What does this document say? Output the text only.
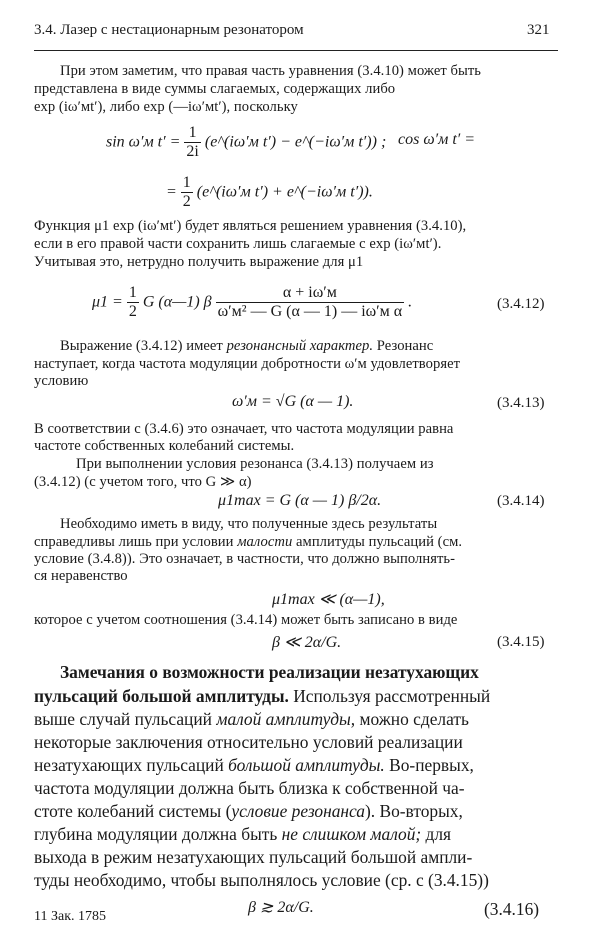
3.4. Лазер с нестационарным резонатором	321
При этом заметим, что правая часть уравнения (3.4.10) может быть
представлена в виде суммы слагаемых, содержащих либо
exp (iω′мt′), либо exp (—iω′мt′), поскольку
sin ω′м $t' = \frac{1}{2i}$ (e^(iω′м t′) − e^(−iω′м t′)) ; cos ω′м t′ =
= $\frac{1}{2}$ (e^(iω′м t′) + e^(−iω′м t′)).
Функция μ1 exp (iω′мt′) будет являться решением уравнения (3.4.10),
если в его правой части сохранить лишь слагаемые с exp (iω′мt′).
Учитывая это, нетрудно получить выражение для μ1
$\mu 1 = \frac{1}{2}$ G (α—1) β $\frac{\alpha + i\omega'м}{\text{ω′м² — G (α — 1) — iω′м α}}$ .	(3.4.12)
Выражение (3.4.12) имеет резонансный характер. Резонанс
наступает, когда частота модуляции добротности ω′м удовлетворяет
условию
ω′м = √G (α — 1).	(3.4.13)
В соответствии с (3.4.6) это означает, что частота модуляции равна
частоте собственных колебаний системы.
При выполнении условия резонанса (3.4.13) получаем из
(3.4.12) (с учетом того, что G ≫ α)
μ1max = G (α — 1) β/2α.	(3.4.14)
Необходимо иметь в виду, что полученные здесь результаты
справедливы лишь при условии малости амплитуды пульсаций (см.
условие (3.4.8)). Это означает, в частности, что должно выполнять-
ся неравенство
μ1max ≪ (α—1),
которое с учетом соотношения (3.4.14) может быть записано в виде
β ≪ 2α/G.	(3.4.15)
Замечания о возможности реализации незатухающих
пульсаций большой амплитуды. Используя рассмотренный
выше случай пульсаций малой амплитуды, можно сделать
некоторые заключения относительно условий реализации
незатухающих пульсаций большой амплитуды. Во-первых,
частота модуляции должна быть близка к собственной ча-
стоте колебаний системы (условие резонанса). Во-вторых,
глубина модуляции должна быть не слишком малой; для
выхода в режим незатухающих пульсаций большой ампли-
туды необходимо, чтобы выполнялось условие (ср. с (3.4.15))
β ≳ 2α/G.	(3.4.16)
11 Зак. 1785
